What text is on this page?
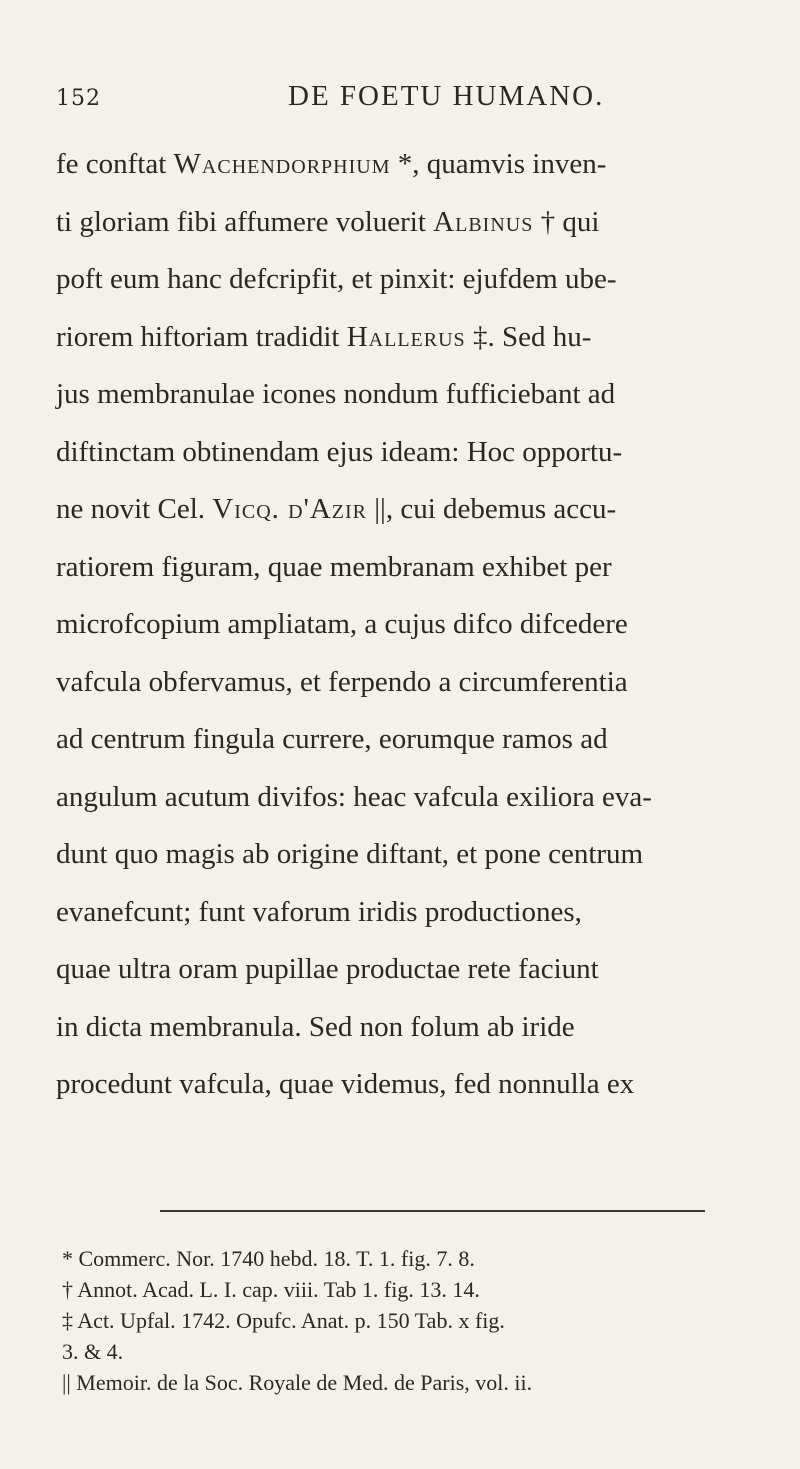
152	DE FOETU HUMANO.
fe conftat Wachendorphium *, quamvis inven-
ti gloriam fibi affumere voluerit Albinus † qui
poft eum hanc defcripfit, et pinxit: ejufdem ube-
riorem hiftoriam tradidit Hallerus ‡. Sed hu-
jus membranulae icones nondum fufficiebant ad
diftinctam obtinendam ejus ideam: Hoc opportu-
ne novit Cel. Vicq. d'Azir ||, cui debemus accu-
ratiorem figuram, quae membranam exhibet per
microfcopium ampliatam, a cujus difco difcedere
vafcula obfervamus, et ferpendo a circumferentia
ad centrum fingula currere, eorumque ramos ad
angulum acutum divifos: heac vafcula exiliora eva-
dunt quo magis ab origine diftant, et pone centrum
evanefcunt; funt vaforum iridis productiones,
quae ultra oram pupillae productae rete faciunt
in dicta membranula. Sed non folum ab iride
procedunt vafcula, quae videmus, fed nonnulla ex
* Commerc. Nor. 1740 hebd. 18. T. 1. fig. 7. 8.
† Annot. Acad. L. I. cap. viii. Tab 1. fig. 13. 14.
‡ Act. Upfal. 1742. Opufc. Anat. p. 150 Tab. x fig.
3. & 4.
|| Memoir. de la Soc. Royale de Med. de Paris, vol. ii.
